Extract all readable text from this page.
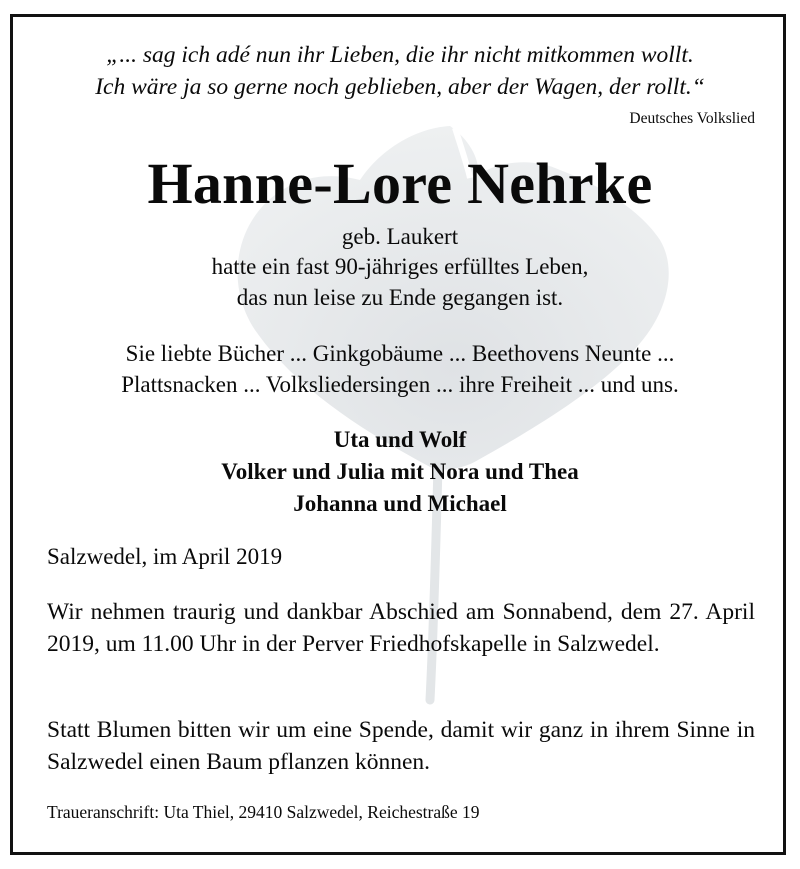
„... sag ich adé nun ihr Lieben, die ihr nicht mitkommen wollt.

Ich wäre ja so gerne noch geblieben, aber der Wagen, der rollt.“

Deutsches Volkslied

Hanne-Lore Nehrke

geb. Laukert

hatte ein fast 90-jähriges erfülltes Leben,

das nun leise zu Ende gegangen ist.

Sie liebte Bücher ... Ginkgobäume ... Beethovens Neunte ...

Plattsnacken ... Volksliedersingen ... ihre Freiheit ... und uns.

Uta und Wolf

Volker und Julia mit Nora und Thea

Johanna und Michael

Salzwedel, im April 2019

Wir nehmen traurig und dankbar Abschied am Sonnabend, dem 27. April 2019, um 11.00 Uhr in der Perver Friedhofskapelle in Salzwedel.

Statt Blumen bitten wir um eine Spende, damit wir ganz in ihrem Sinne in Salzwedel einen Baum pflanzen können.

Traueranschrift: Uta Thiel, 29410 Salzwedel, Reichestraße 19
